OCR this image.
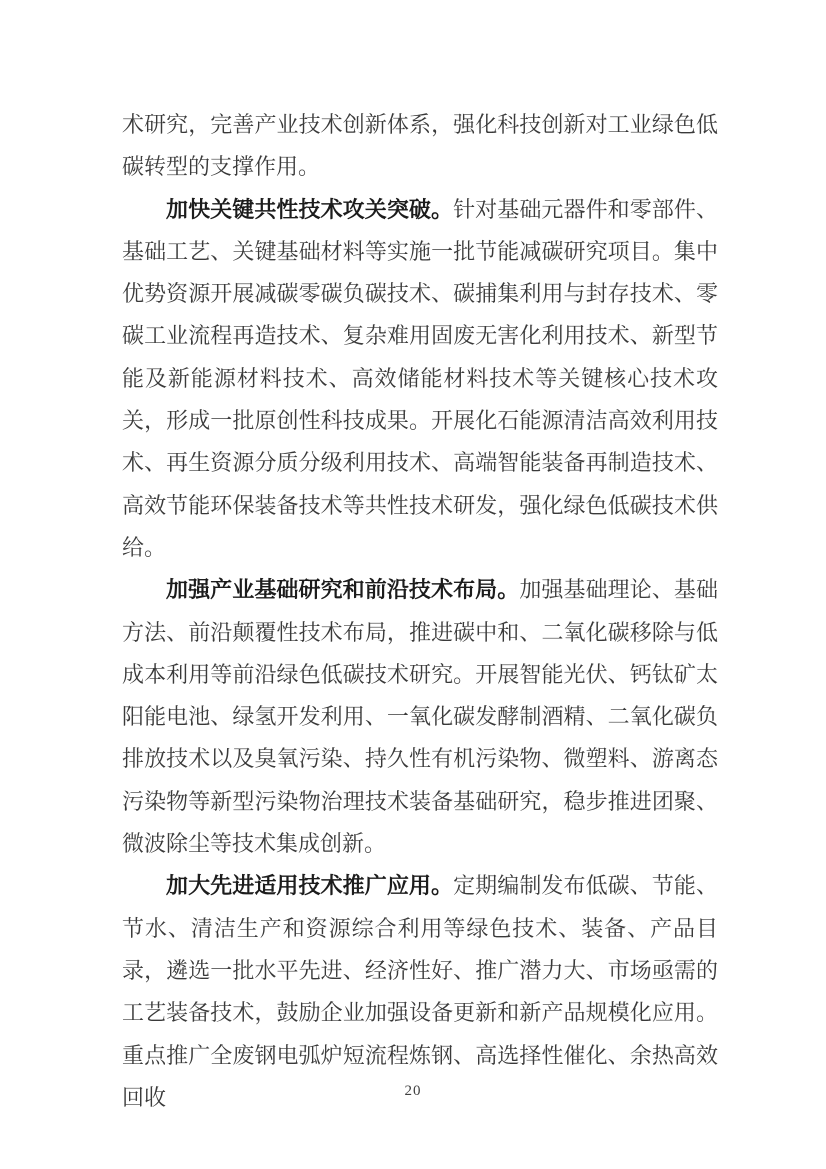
术研究，完善产业技术创新体系，强化科技创新对工业绿色低碳转型的支撑作用。

加快关键共性技术攻关突破。针对基础元器件和零部件、基础工艺、关键基础材料等实施一批节能减碳研究项目。集中优势资源开展减碳零碳负碳技术、碳捕集利用与封存技术、零碳工业流程再造技术、复杂难用固废无害化利用技术、新型节能及新能源材料技术、高效储能材料技术等关键核心技术攻关，形成一批原创性科技成果。开展化石能源清洁高效利用技术、再生资源分质分级利用技术、高端智能装备再制造技术、高效节能环保装备技术等共性技术研发，强化绿色低碳技术供给。

加强产业基础研究和前沿技术布局。加强基础理论、基础方法、前沿颠覆性技术布局，推进碳中和、二氧化碳移除与低成本利用等前沿绿色低碳技术研究。开展智能光伏、钙钛矿太阳能电池、绿氢开发利用、一氧化碳发酵制酒精、二氧化碳负排放技术以及臭氧污染、持久性有机污染物、微塑料、游离态污染物等新型污染物治理技术装备基础研究，稳步推进团聚、微波除尘等技术集成创新。

加大先进适用技术推广应用。定期编制发布低碳、节能、节水、清洁生产和资源综合利用等绿色技术、装备、产品目录，遴选一批水平先进、经济性好、推广潜力大、市场亟需的工艺装备技术，鼓励企业加强设备更新和新产品规模化应用。重点推广全废钢电弧炉短流程炼钢、高选择性催化、余热高效回收	20
